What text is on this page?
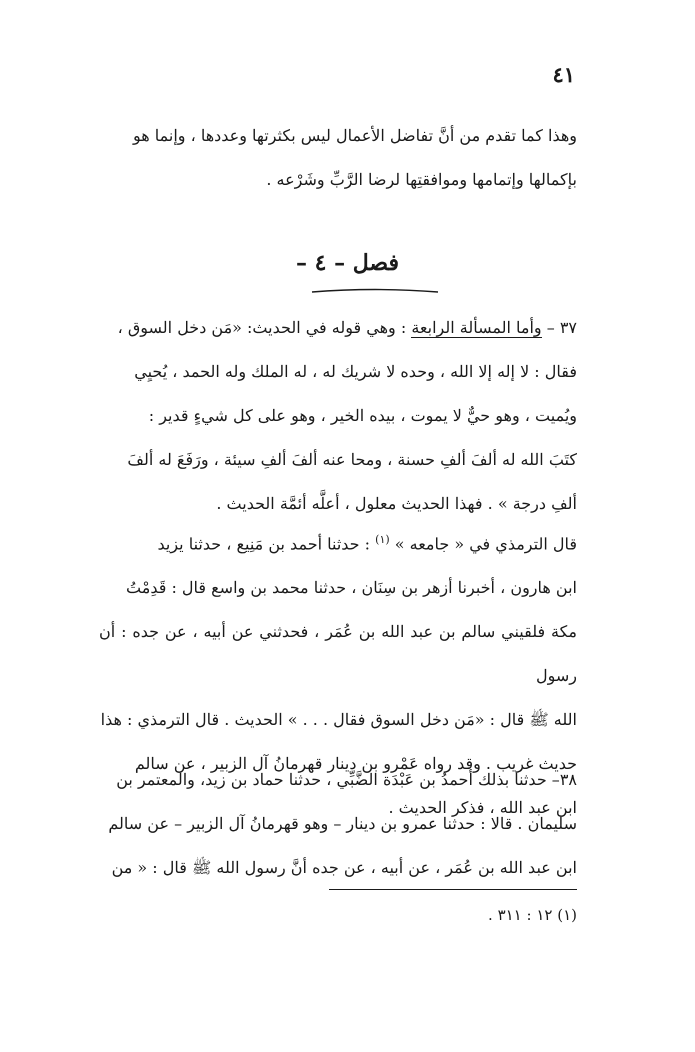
٤١
وهذا كما تقدم من أنَّ تفاضل الأعمال ليس بكثرتها وعددها ، وإنما هو
بإكمالها وإتمامها وموافقتِها لرضا الرَّبِّ وشَرْعه .
فصل – ٤ –
٣٧ – وأما المسألة الرابعة : وهي قوله في الحديث: «مَن دخل السوق ،
فقال : لا إله إلا الله ، وحده لا شريك له ، له الملك وله الحمد ، يُحيِي
ويُميت ، وهو حيٌّ لا يموت ، بيده الخير ، وهو على كل شيءٍ قدير :
كتَبَ الله له ألفَ ألفِ حسنة ، ومحا عنه ألفَ ألفِ سيئة ، ورَفَعَ له ألفَ
ألفِ درجة » . فهذا الحديث معلول ، أعلَّه أئمَّة الحديث .
قال الترمذي في « جامعه » $^{(١)}$ : حدثنا أحمد بن مَنِيع ، حدثنا يزيد
ابن هارون ، أخبرنا أزهر بن سِنَان ، حدثنا محمد بن واسع قال : قَدِمْتُ
مكة فلقيني سالم بن عبد الله بن عُمَر ، فحدثني عن أبيه ، عن جده : أن رسول
الله ﷺ قال : «مَن دخل السوق فقال . . . » الحديث . قال الترمذي : هذا
حديث غريب . وقد رواه عَمْرو بن دينار قهرمانُ آل الزبير ، عن سالم
ابن عبد الله ، فذكر الحديث .
٣٨– حدثنا بذلك أحمدُ بن عَبْدَة الضَّبِّي ، حدثنا حماد بن زيد، والمعتمر بن
سليمان . قالا : حدثنا عمرو بن دينار – وهو قهرمانُ آل الزبير – عن سالم
ابن عبد الله بن عُمَر ، عن أبيه ، عن جده أنَّ رسول الله ﷺ قال : « من
(١) ١٢ : ٣١١ .
